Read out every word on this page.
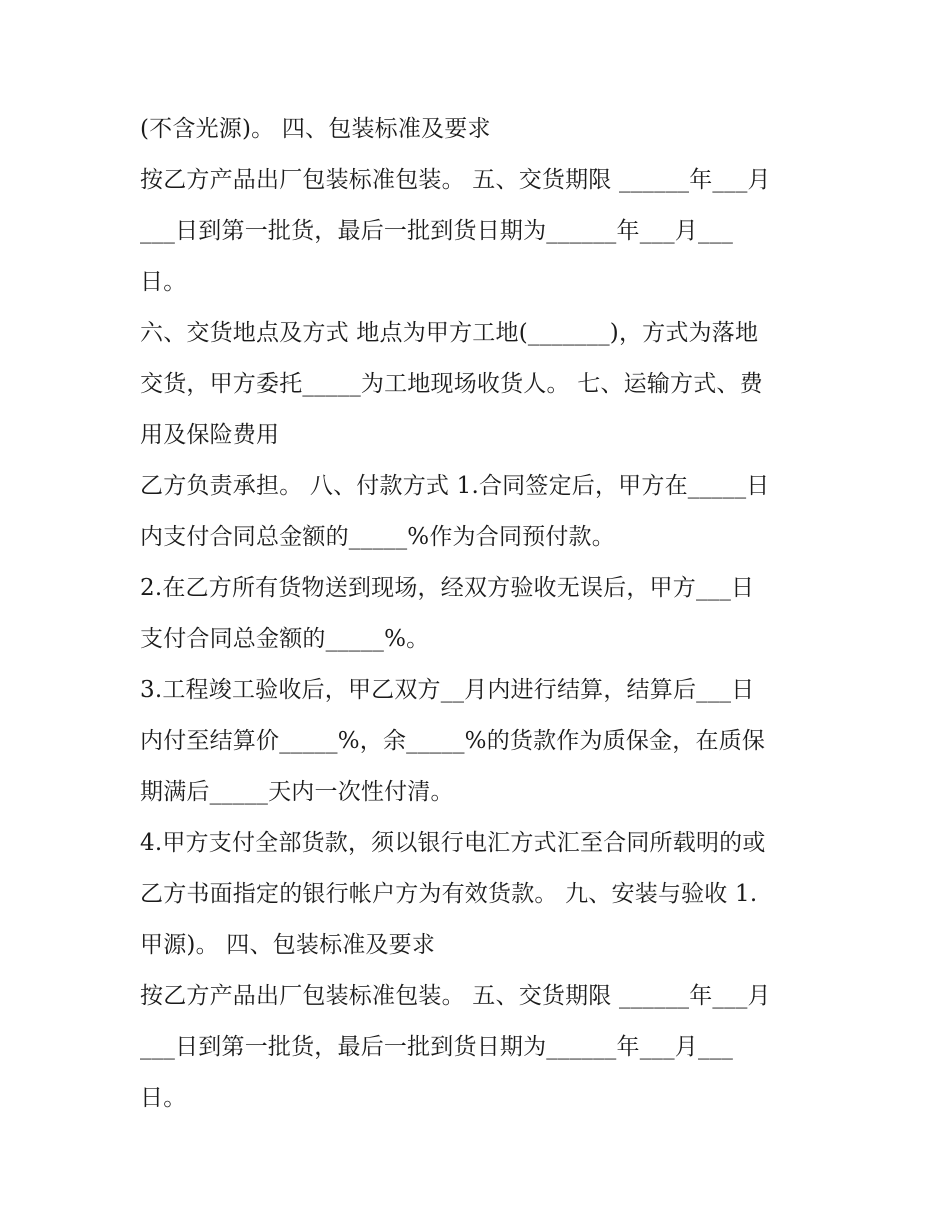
(不含光源)。 四、包装标准及要求
按乙方产品出厂包装标准包装。 五、交货期限 ______年___月
___日到第一批货，最后一批到货日期为______年___月___
日。
六、交货地点及方式 地点为甲方工地(_______)，方式为落地
交货，甲方委托_____为工地现场收货人。 七、运输方式、费
用及保险费用
乙方负责承担。 八、付款方式 1.合同签定后，甲方在_____日
内支付合同总金额的_____%作为合同预付款。
2.在乙方所有货物送到现场，经双方验收无误后，甲方___日
支付合同总金额的_____%。
3.工程竣工验收后，甲乙双方__月内进行结算，结算后___日
内付至结算价_____%，余_____%的货款作为质保金，在质保
期满后_____天内一次性付清。
4.甲方支付全部货款，须以银行电汇方式汇至合同所载明的或
乙方书面指定的银行帐户方为有效货款。 九、安装与验收 1.
甲源)。 四、包装标准及要求
按乙方产品出厂包装标准包装。 五、交货期限 ______年___月
___日到第一批货，最后一批到货日期为______年___月___
日。
